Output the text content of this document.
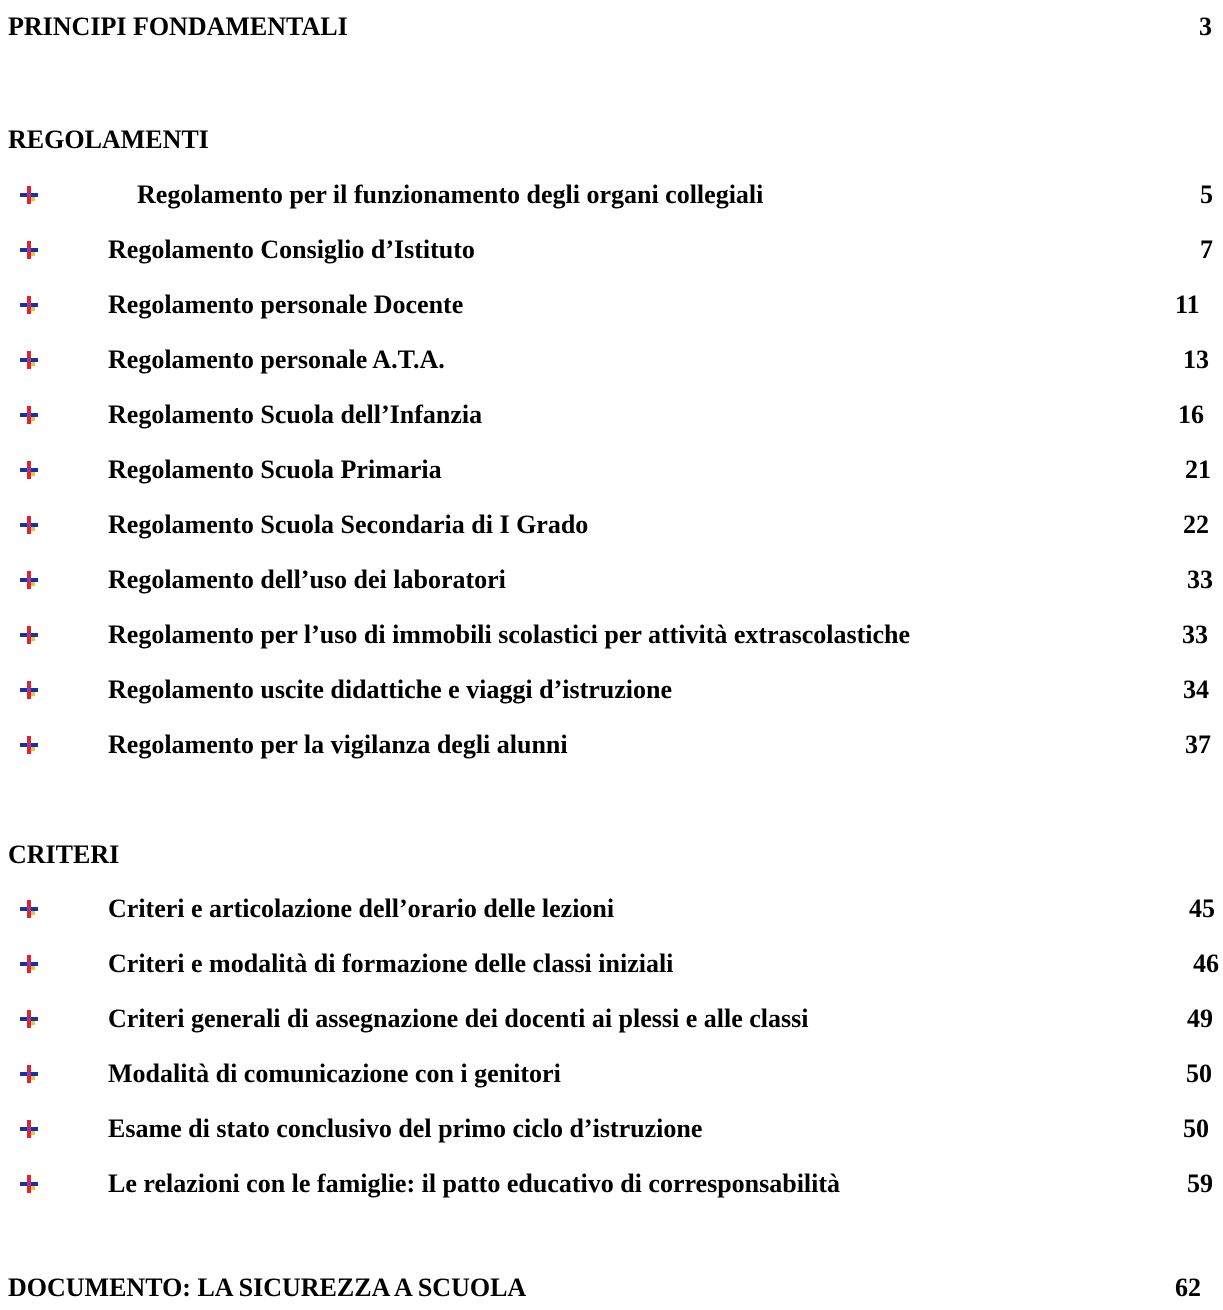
PRINCIPI FONDAMENTALI	3
REGOLAMENTI
Regolamento per il funzionamento degli organi collegiali	5
Regolamento Consiglio d’Istituto	7
Regolamento personale Docente	11
Regolamento personale A.T.A.	13
Regolamento Scuola dell’Infanzia	16
Regolamento Scuola Primaria	21
Regolamento Scuola Secondaria di I Grado	22
Regolamento dell’uso dei laboratori	33
Regolamento per l’uso di immobili scolastici per attività extrascolastiche	33
Regolamento uscite didattiche e viaggi d’istruzione	34
Regolamento per la vigilanza degli alunni	37
CRITERI
Criteri e articolazione dell’orario delle lezioni	45
Criteri e modalità di formazione delle classi iniziali	46
Criteri generali di assegnazione dei docenti ai plessi e alle classi	49
Modalità di comunicazione con i genitori	50
Esame di stato conclusivo del primo ciclo d’istruzione	50
Le relazioni con le famiglie: il patto educativo di corresponsabilità	59
DOCUMENTO: LA SICUREZZA A SCUOLA	62
